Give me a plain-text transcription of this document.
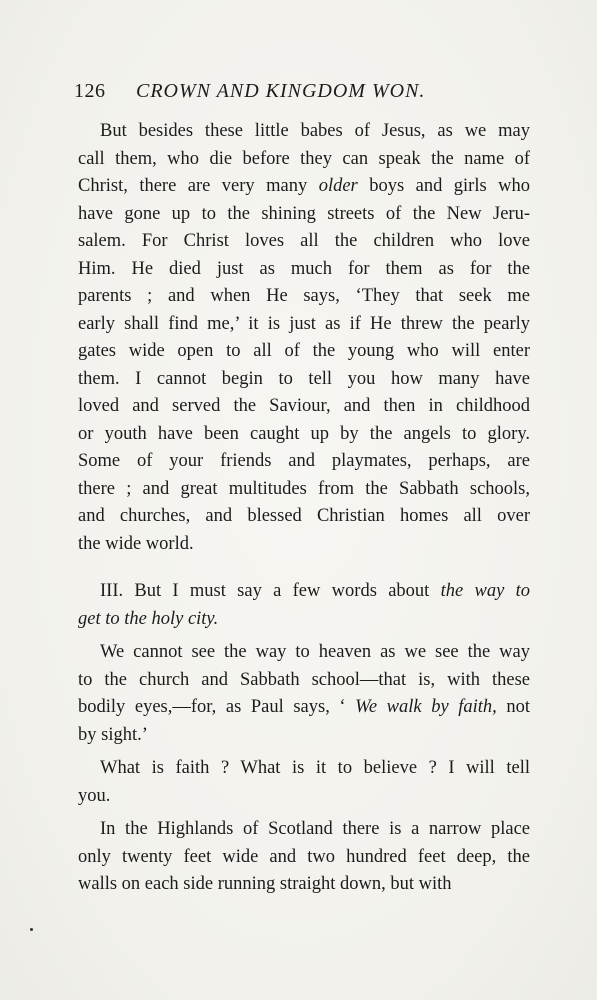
126 CROWN AND KINGDOM WON.
But besides these little babes of Jesus, as we may
call them, who die before they can speak the name of
Christ, there are very many older boys and girls who
have gone up to the shining streets of the New Jeru-
salem. For Christ loves all the children who love
Him. He died just as much for them as for the
parents ; and when He says, ‘They that seek me
early shall find me,’ it is just as if He threw the pearly
gates wide open to all of the young who will enter
them. I cannot begin to tell you how many have
loved and served the Saviour, and then in childhood
or youth have been caught up by the angels to glory.
Some of your friends and playmates, perhaps, are
there ; and great multitudes from the Sabbath schools,
and churches, and blessed Christian homes all over
the wide world.
III. But I must say a few words about the way to
get to the holy city.
We cannot see the way to heaven as we see the way
to the church and Sabbath school—that is, with these
bodily eyes,—for, as Paul says, ‘ We walk by faith, not
by sight.’
What is faith ? What is it to believe ? I will tell
you.
In the Highlands of Scotland there is a narrow place
only twenty feet wide and two hundred feet deep, the
walls on each side running straight down, but with
